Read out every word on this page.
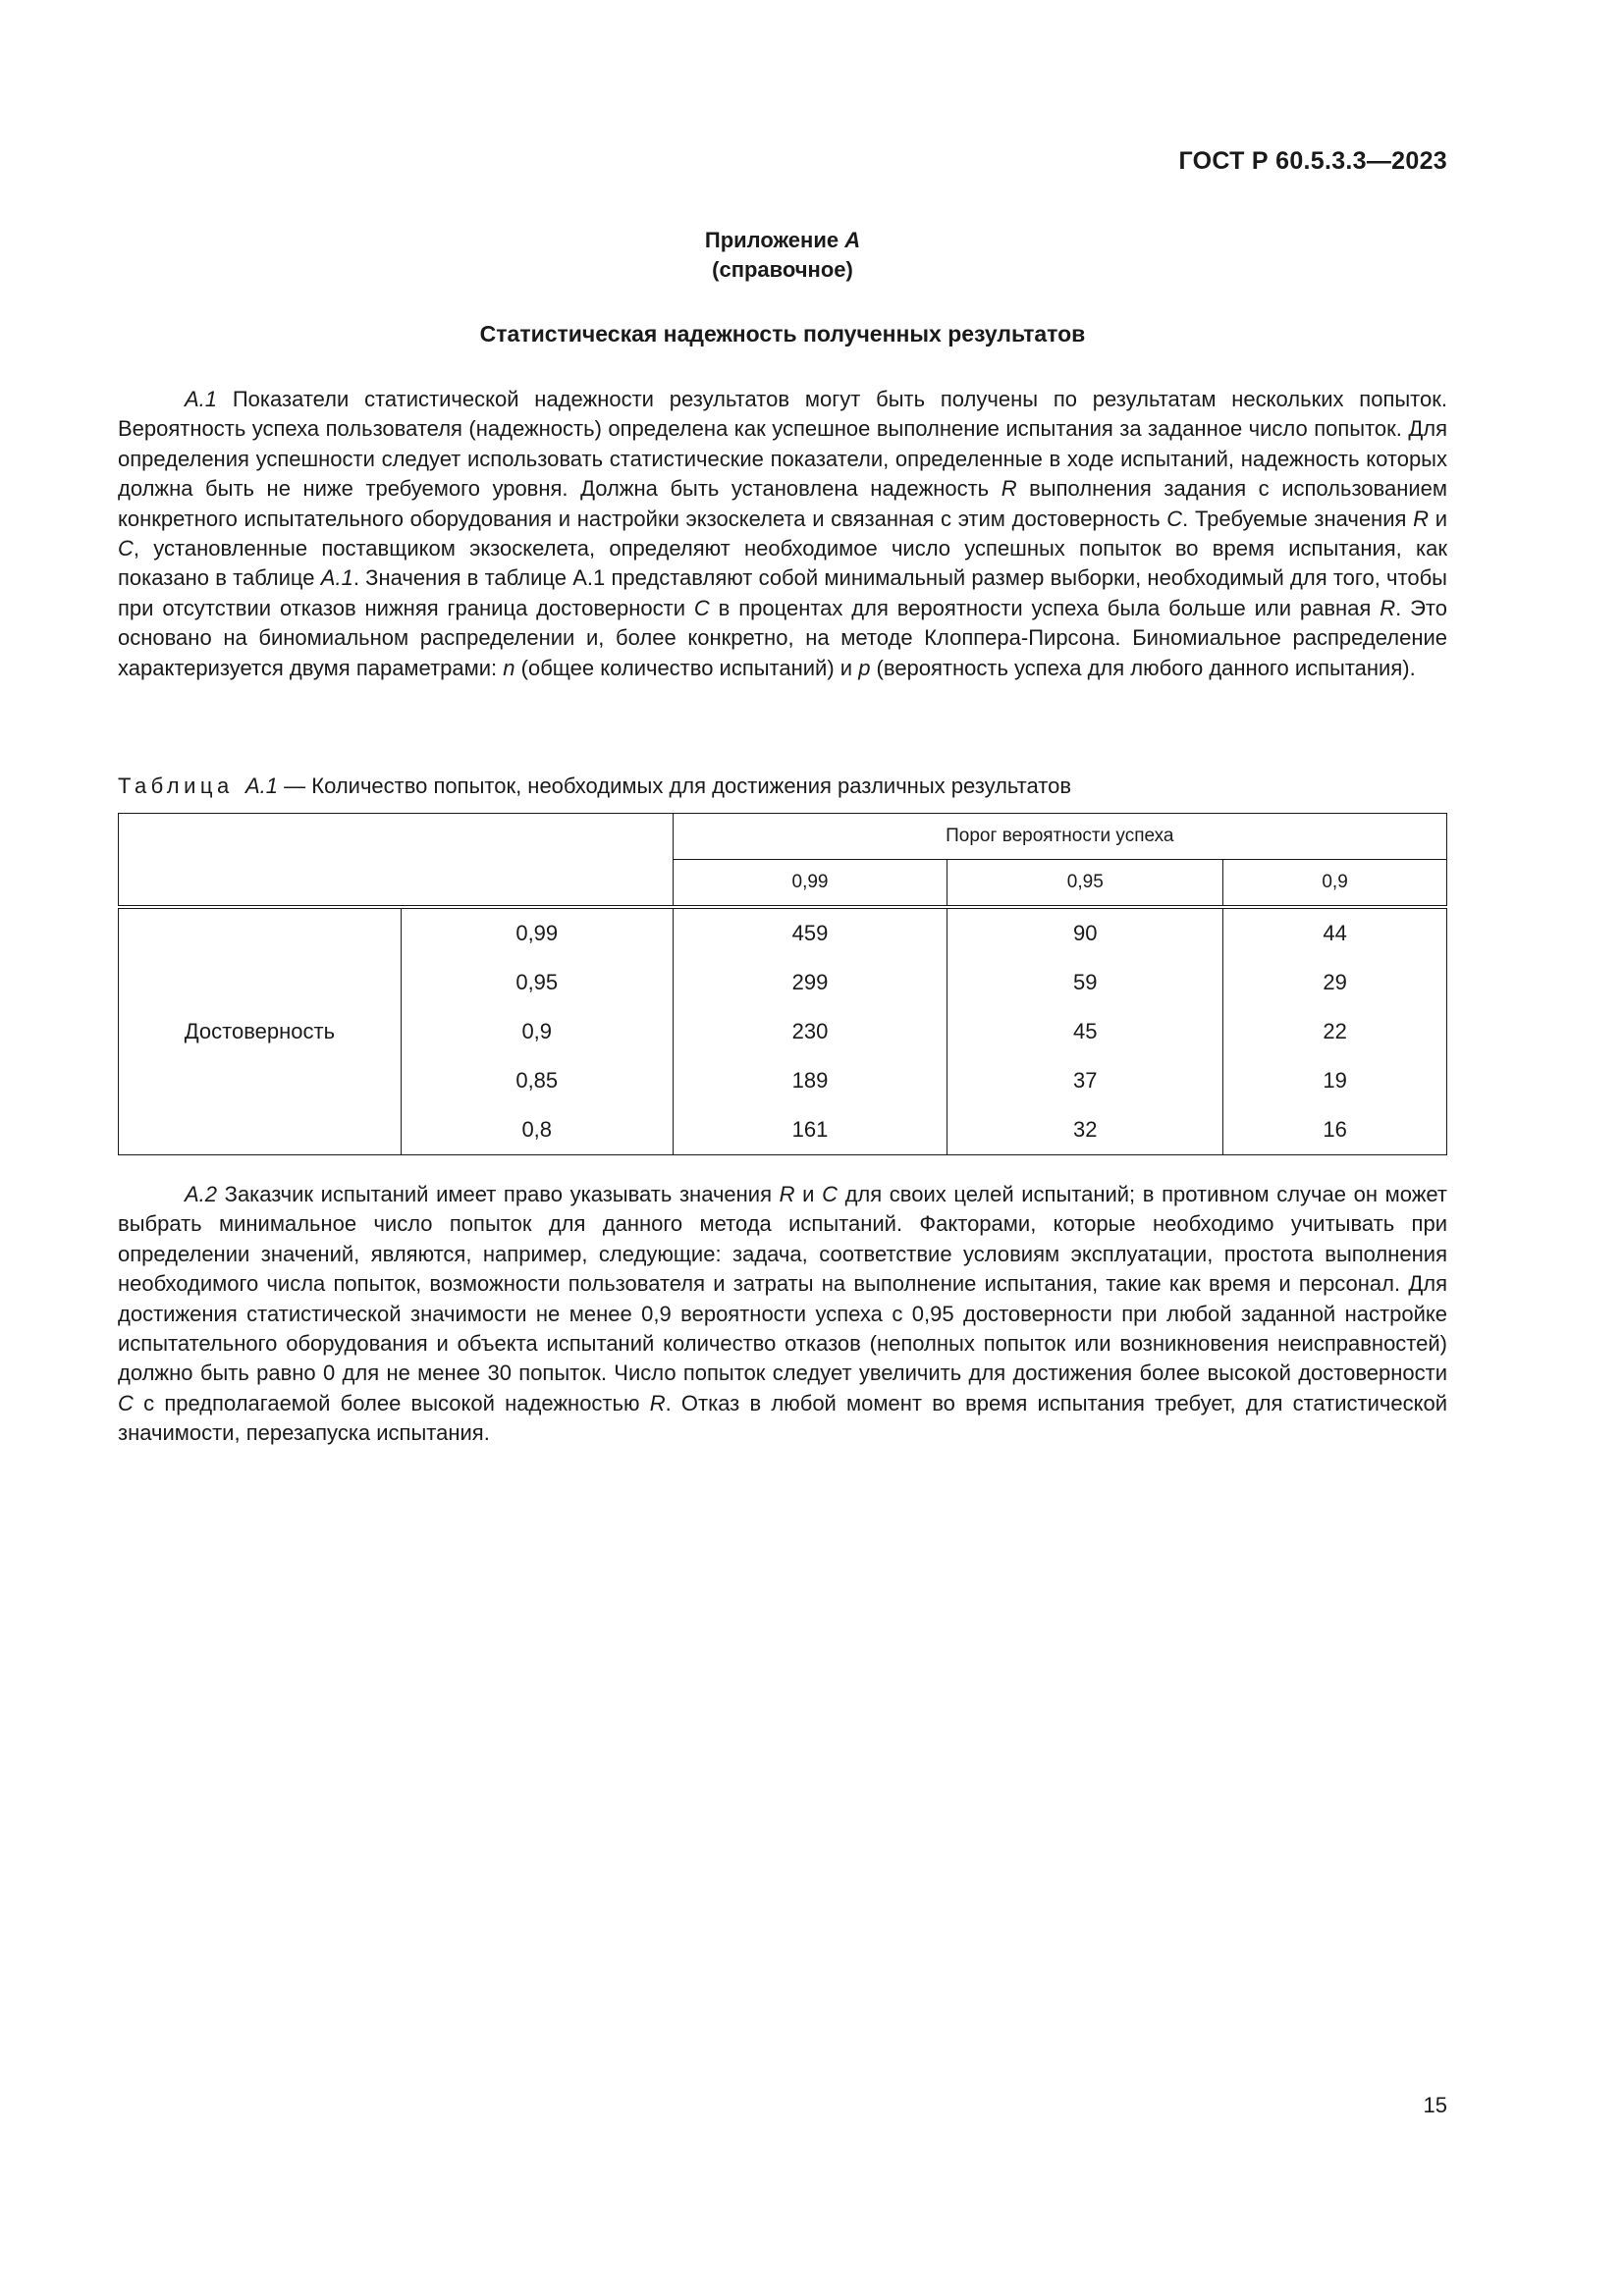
ГОСТ Р 60.5.3.3—2023
Приложение А
(справочное)
Статистическая надежность полученных результатов

А.1 Показатели статистической надежности результатов могут быть получены по результатам нескольких попыток. Вероятность успеха пользователя (надежность) определена как успешное выполнение испытания за заданное число попыток. Для определения успешности следует использовать статистические показатели, определенные в ходе испытаний, надежность которых должна быть не ниже требуемого уровня. Должна быть установлена надежность R выполнения задания с использованием конкретного испытательного оборудования и настройки экзоскелета и связанная с этим достоверность С. Требуемые значения R и С, установленные поставщиком экзоскелета, определяют необходимое число успешных попыток во время испытания, как показано в таблице А.1. Значения в таблице А.1 представляют собой минимальный размер выборки, необходимый для того, чтобы при отсутствии отказов нижняя граница достоверности С в процентах для вероятности успеха была больше или равная R. Это основано на биномиальном распределении и, более конкретно, на методе Клоппера-Пирсона. Биномиальное распределение характеризуется двумя параметрами: n (общее количество испытаний) и p (вероятность успеха для любого данного испытания).

Таблица А.1 — Количество попыток, необходимых для достижения различных результатов
		Порог вероятности успеха		
		0,99	0,95	0,9
Достоверность	0,99	459	90	44
	0,95	299	59	29
	0,9	230	45	22
	0,85	189	37	19
	0,8	161	32	16

А.2 Заказчик испытаний имеет право указывать значения R и С для своих целей испытаний; в противном случае он может выбрать минимальное число попыток для данного метода испытаний. Факторами, которые необходимо учитывать при определении значений, являются, например, следующие: задача, соответствие условиям эксплуатации, простота выполнения необходимого числа попыток, возможности пользователя и затраты на выполнение испытания, такие как время и персонал. Для достижения статистической значимости не менее 0,9 вероятности успеха с 0,95 достоверности при любой заданной настройке испытательного оборудования и объекта испытаний количество отказов (неполных попыток или возникновения неисправностей) должно быть равно 0 для не менее 30 попыток. Число попыток следует увеличить для достижения более высокой достоверности С с предполагаемой более высокой надежностью R. Отказ в любой момент во время испытания требует, для статистической значимости, перезапуска испытания.

15
